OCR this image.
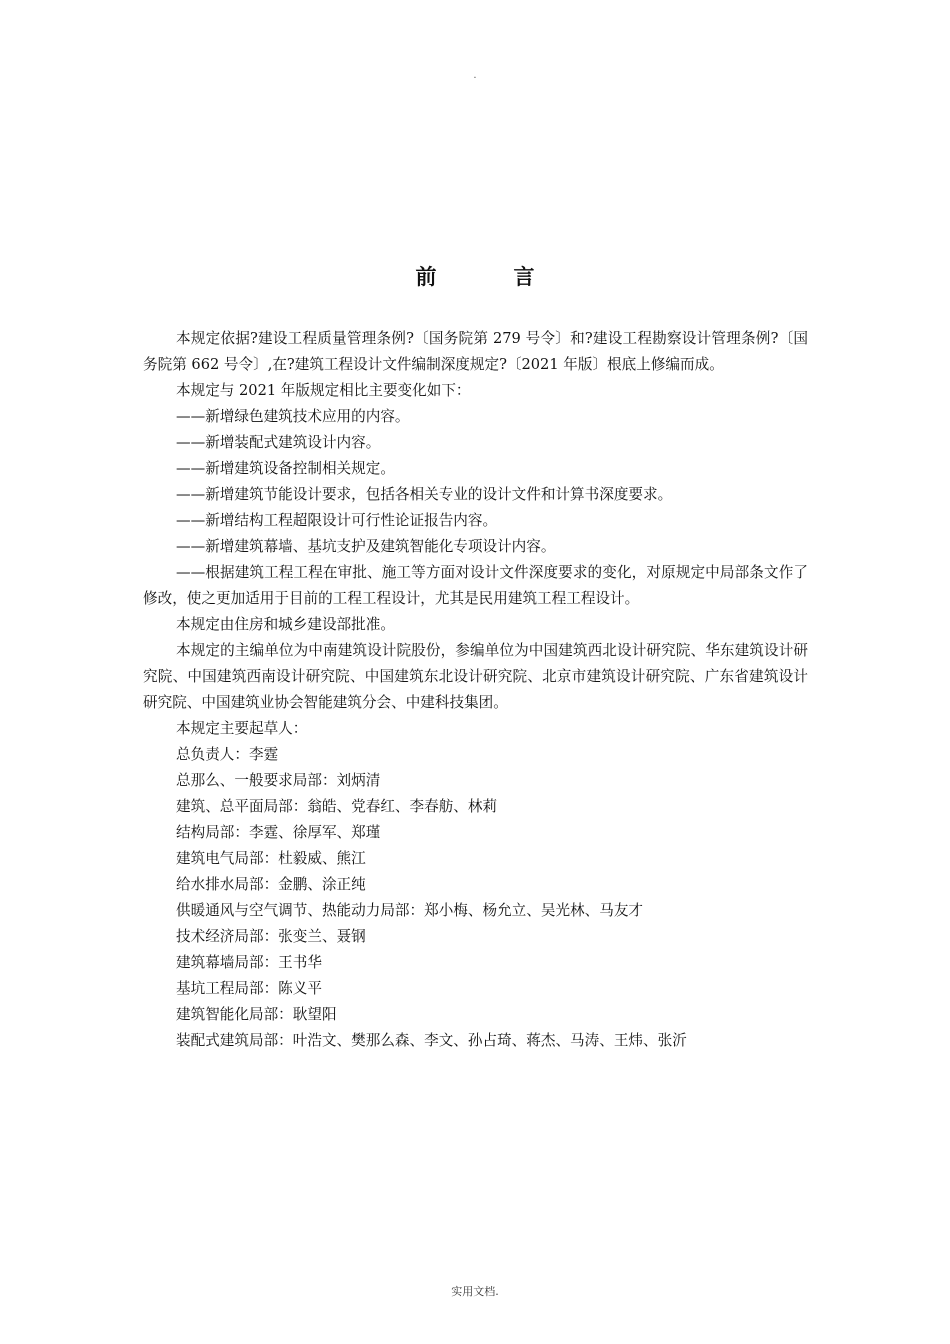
.
前　言

本规定依据?建设工程质量管理条例?〔国务院第 279 号令〕和?建设工程勘察设计管理条例?〔国务院第 662 号令〕,在?建筑工程设计文件编制深度规定?〔2021 年版〕根底上修编而成。

本规定与 2021 年版规定相比主要变化如下：

——新增绿色建筑技术应用的内容。

——新增装配式建筑设计内容。

——新增建筑设备控制相关规定。

——新增建筑节能设计要求，包括各相关专业的设计文件和计算书深度要求。

——新增结构工程超限设计可行性论证报告内容。

——新增建筑幕墙、基坑支护及建筑智能化专项设计内容。

——根据建筑工程工程在审批、施工等方面对设计文件深度要求的变化，对原规定中局部条文作了修改，使之更加适用于目前的工程工程设计，尤其是民用建筑工程工程设计。

本规定由住房和城乡建设部批准。

本规定的主编单位为中南建筑设计院股份，参编单位为中国建筑西北设计研究院、华东建筑设计研究院、中国建筑西南设计研究院、中国建筑东北设计研究院、北京市建筑设计研究院、广东省建筑设计研究院、中国建筑业协会智能建筑分会、中建科技集团。

本规定主要起草人：

总负责人：李霆

总那么、一般要求局部：刘炳清

建筑、总平面局部：翁皓、党春红、李春舫、林莉

结构局部：李霆、徐厚军、郑瑾

建筑电气局部：杜毅威、熊江

给水排水局部：金鹏、涂正纯

供暖通风与空气调节、热能动力局部：郑小梅、杨允立、吴光林、马友才

技术经济局部：张变兰、聂钢

建筑幕墙局部：王书华

基坑工程局部：陈义平

建筑智能化局部：耿望阳

装配式建筑局部：叶浩文、樊那么森、李文、孙占琦、蒋杰、马涛、王炜、张沂

实用文档.
